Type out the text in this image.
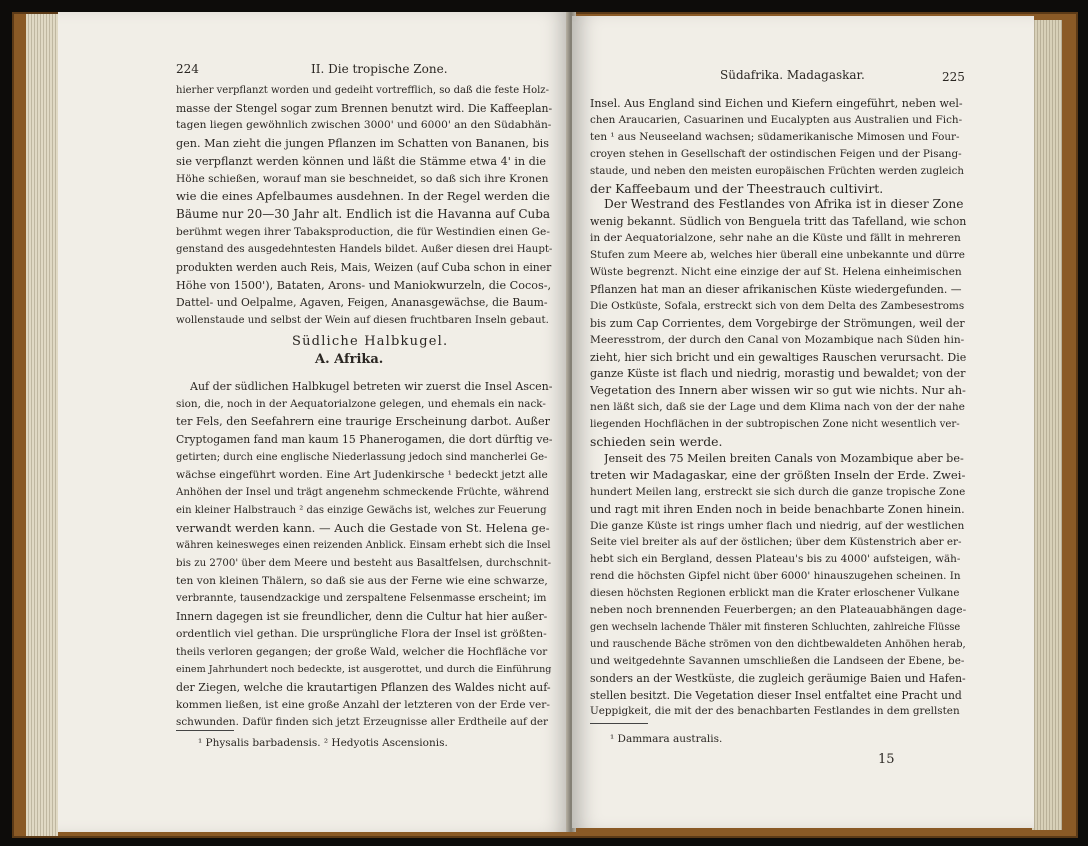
224	II. Die tropische Zone.
hierher verpflanzt worden und gedeiht vortrefflich, so daß die feste Holz-
masse der Stengel sogar zum Brennen benutzt wird. Die Kaffeeplan-
tagen liegen gewöhnlich zwischen 3000' und 6000' an den Südabhän-
gen. Man zieht die jungen Pflanzen im Schatten von Bananen, bis
sie verpflanzt werden können und läßt die Stämme etwa 4' in die
Höhe schießen, worauf man sie beschneidet, so daß sich ihre Kronen
wie die eines Apfelbaumes ausdehnen. In der Regel werden die
Bäume nur 20—30 Jahr alt. Endlich ist die Havanna auf Cuba
berühmt wegen ihrer Tabaksproduction, die für Westindien einen Ge-
genstand des ausgedehntesten Handels bildet. Außer diesen drei Haupt-
produkten werden auch Reis, Mais, Weizen (auf Cuba schon in einer
Höhe von 1500'), Bataten, Arons- und Maniokwurzeln, die Cocos-,
Dattel- und Oelpalme, Agaven, Feigen, Ananasgewächse, die Baum-
wollenstaude und selbst der Wein auf diesen fruchtbaren Inseln gebaut.
Südliche Halbkugel.
A. Afrika.
Auf der südlichen Halbkugel betreten wir zuerst die Insel Ascen-
sion, die, noch in der Aequatorialzone gelegen, und ehemals ein nack-
ter Fels, den Seefahrern eine traurige Erscheinung darbot. Außer
Cryptogamen fand man kaum 15 Phanerogamen, die dort dürftig ve-
getirten; durch eine englische Niederlassung jedoch sind mancherlei Ge-
wächse eingeführt worden. Eine Art Judenkirsche ¹ bedeckt jetzt alle
Anhöhen der Insel und trägt angenehm schmeckende Früchte, während
ein kleiner Halbstrauch ² das einzige Gewächs ist, welches zur Feuerung
verwandt werden kann. — Auch die Gestade von St. Helena ge-
währen keinesweges einen reizenden Anblick. Einsam erhebt sich die Insel
bis zu 2700' über dem Meere und besteht aus Basaltfelsen, durchschnit-
ten von kleinen Thälern, so daß sie aus der Ferne wie eine schwarze,
verbrannte, tausendzackige und zerspaltene Felsenmasse erscheint; im
Innern dagegen ist sie freundlicher, denn die Cultur hat hier außer-
ordentlich viel gethan. Die ursprüngliche Flora der Insel ist größten-
theils verloren gegangen; der große Wald, welcher die Hochfläche vor
einem Jahrhundert noch bedeckte, ist ausgerottet, und durch die Einführung
der Ziegen, welche die krautartigen Pflanzen des Waldes nicht auf-
kommen ließen, ist eine große Anzahl der letzteren von der Erde ver-
schwunden. Dafür finden sich jetzt Erzeugnisse aller Erdtheile auf der
¹ Physalis barbadensis. ² Hedyotis Ascensionis.
Südafrika. Madagaskar.	225
Insel. Aus England sind Eichen und Kiefern eingeführt, neben wel-
chen Araucarien, Casuarinen und Eucalypten aus Australien und Fich-
ten ¹ aus Neuseeland wachsen; südamerikanische Mimosen und Four-
croyen stehen in Gesellschaft der ostindischen Feigen und der Pisang-
staude, und neben den meisten europäischen Früchten werden zugleich
der Kaffeebaum und der Theestrauch cultivirt.
Der Westrand des Festlandes von Afrika ist in dieser Zone
wenig bekannt. Südlich von Benguela tritt das Tafelland, wie schon
in der Aequatorialzone, sehr nahe an die Küste und fällt in mehreren
Stufen zum Meere ab, welches hier überall eine unbekannte und dürre
Wüste begrenzt. Nicht eine einzige der auf St. Helena einheimischen
Pflanzen hat man an dieser afrikanischen Küste wiedergefunden. —
Die Ostküste, Sofala, erstreckt sich von dem Delta des Zambesestroms
bis zum Cap Corrientes, dem Vorgebirge der Strömungen, weil der
Meeresstrom, der durch den Canal von Mozambique nach Süden hin-
zieht, hier sich bricht und ein gewaltiges Rauschen verursacht. Die
ganze Küste ist flach und niedrig, morastig und bewaldet; von der
Vegetation des Innern aber wissen wir so gut wie nichts. Nur ah-
nen läßt sich, daß sie der Lage und dem Klima nach von der der nahe
liegenden Hochflächen in der subtropischen Zone nicht wesentlich ver-
schieden sein werde.
Jenseit des 75 Meilen breiten Canals von Mozambique aber be-
treten wir Madagaskar, eine der größten Inseln der Erde. Zwei-
hundert Meilen lang, erstreckt sie sich durch die ganze tropische Zone
und ragt mit ihren Enden noch in beide benachbarte Zonen hinein.
Die ganze Küste ist rings umher flach und niedrig, auf der westlichen
Seite viel breiter als auf der östlichen; über dem Küstenstrich aber er-
hebt sich ein Bergland, dessen Plateau's bis zu 4000' aufsteigen, wäh-
rend die höchsten Gipfel nicht über 6000' hinauszugehen scheinen. In
diesen höchsten Regionen erblickt man die Krater erloschener Vulkane
neben noch brennenden Feuerbergen; an den Plateauabhängen dage-
gen wechseln lachende Thäler mit finsteren Schluchten, zahlreiche Flüsse
und rauschende Bäche strömen von den dichtbewaldeten Anhöhen herab,
und weitgedehnte Savannen umschließen die Landseen der Ebene, be-
sonders an der Westküste, die zugleich geräumige Baien und Hafen-
stellen besitzt. Die Vegetation dieser Insel entfaltet eine Pracht und
Ueppigkeit, die mit der des benachbarten Festlandes in dem grellsten
¹ Dammara australis.
15
